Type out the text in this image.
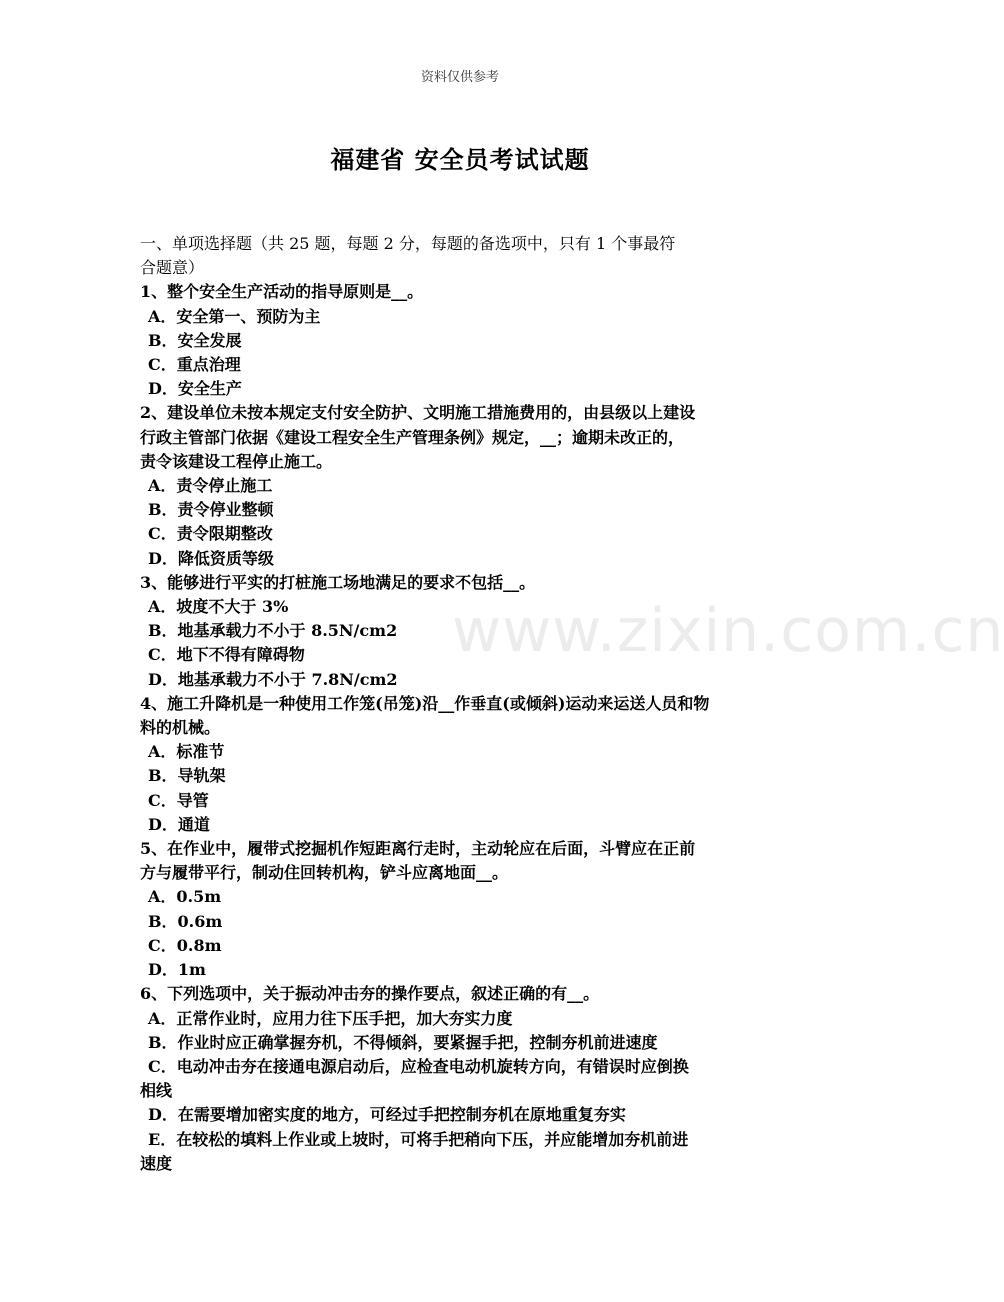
资料仅供参考
www.zixin.com.cn
福建省 安全员考试试题
一、单项选择题（共 25 题，每题 2 分，每题的备选项中，只有 1 个事最符
合题意）
1、整个安全生产活动的指导原则是__。
A．安全第一、预防为主
B．安全发展
C．重点治理
D．安全生产
2、建设单位未按本规定支付安全防护、文明施工措施费用的，由县级以上建设
行政主管部门依据《建设工程安全生产管理条例》规定，__；逾期未改正的，
责令该建设工程停止施工。
A．责令停止施工
B．责令停业整顿
C．责令限期整改
D．降低资质等级
3、能够进行平实的打桩施工场地满足的要求不包括__。
A．坡度不大于 3%
B．地基承载力不小于 8.5N/cm2
C．地下不得有障碍物
D．地基承载力不小于 7.8N/cm2
4、施工升降机是一种使用工作笼(吊笼)沿__作垂直(或倾斜)运动来运送人员和物
料的机械。
A．标准节
B．导轨架
C．导管
D．通道
5、在作业中，履带式挖掘机作短距离行走时，主动轮应在后面，斗臂应在正前
方与履带平行，制动住回转机构，铲斗应离地面__。
A．0.5m
B．0.6m
C．0.8m
D．1m
6、下列选项中，关于振动冲击夯的操作要点，叙述正确的有__。
A．正常作业时，应用力往下压手把，加大夯实力度
B．作业时应正确掌握夯机，不得倾斜，要紧握手把，控制夯机前进速度
C．电动冲击夯在接通电源启动后，应检查电动机旋转方向，有错误时应倒换
相线
D．在需要增加密实度的地方，可经过手把控制夯机在原地重复夯实
E．在较松的填料上作业或上坡时，可将手把稍向下压，并应能增加夯机前进
速度
